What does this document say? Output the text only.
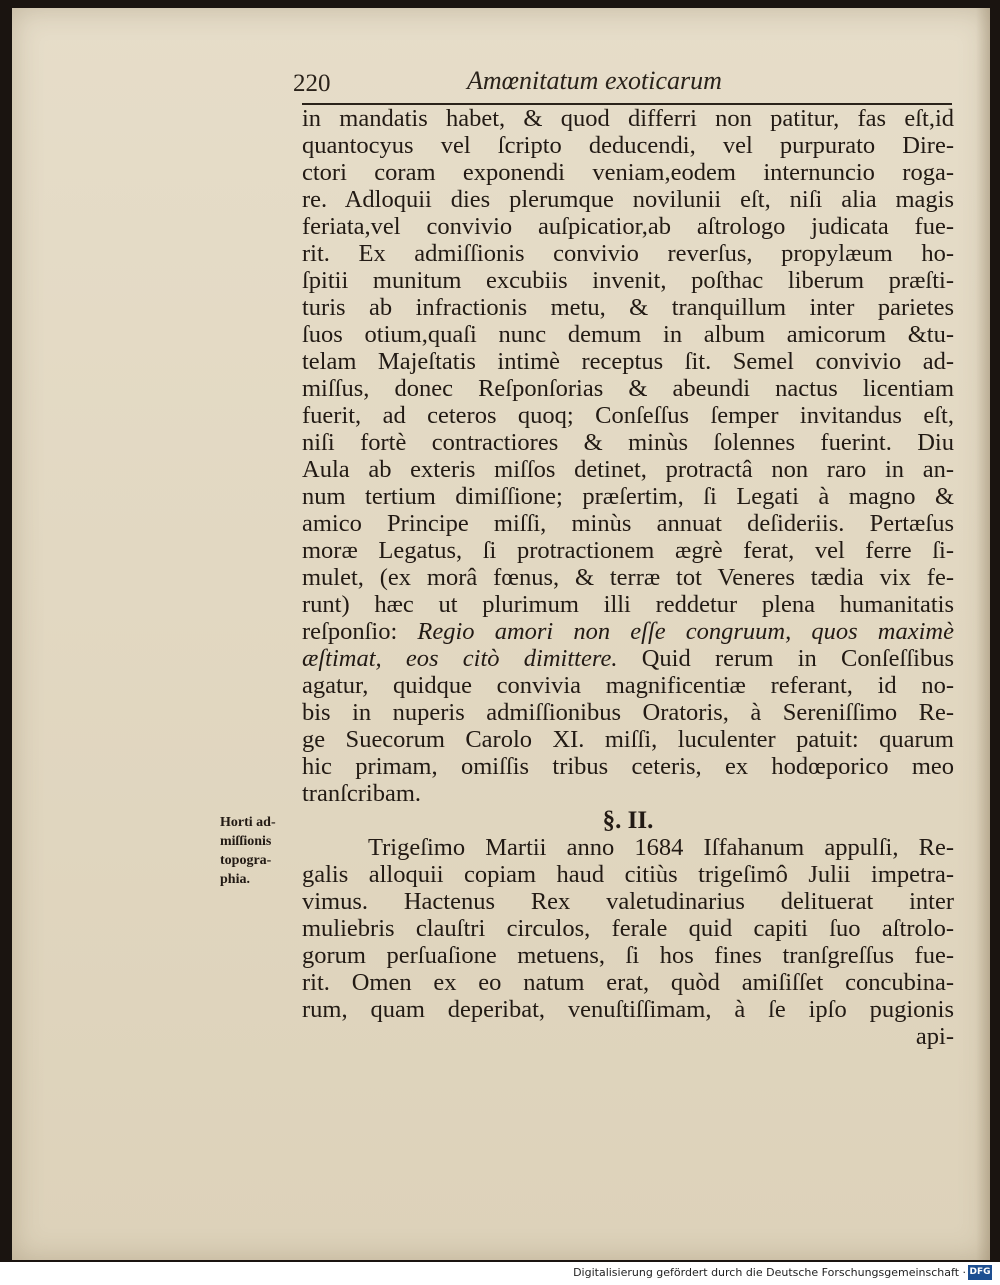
220	Amœnitatum exoticarum
in mandatis habet, & quod differri non patitur, fas eſt,id
quantocyus vel ſcripto deducendi, vel purpurato Dire-
ctori coram exponendi veniam,eodem internuncio roga-
re. Adloquii dies plerumque novilunii eſt, niſi alia magis
feriata,vel convivio auſpicatior,ab aſtrologo judicata fue-
rit. Ex admiſſionis convivio reverſus, propylæum ho-
ſpitii munitum excubiis invenit, poſthac liberum præſti-
turis ab infractionis metu, & tranquillum inter parietes
ſuos otium,quaſi nunc demum in album amicorum &tu-
telam Majeſtatis intimè receptus ſit. Semel convivio ad-
miſſus, donec Reſponſorias & abeundi nactus licentiam
fuerit, ad ceteros quoq; Conſeſſus ſemper invitandus eſt,
niſi fortè contractiores & minùs ſolennes fuerint. Diu
Aula ab exteris miſſos detinet, protractâ non raro in an-
num tertium dimiſſione; præſertim, ſi Legati à magno &
amico Principe miſſi, minùs annuat deſideriis. Pertæſus
moræ Legatus, ſi protractionem ægrè ferat, vel ferre ſi-
mulet, (ex morâ fœnus, & terræ tot Veneres tædia vix fe-
runt) hæc ut plurimum illi reddetur plena humanitatis
reſponſio: Regio amori non eſſe congruum, quos maximè
æſtimat, eos citò dimittere. Quid rerum in Conſeſſibus
agatur, quidque convivia magnificentiæ referant, id no-
bis in nuperis admiſſionibus Oratoris, à Sereniſſimo Re-
ge Suecorum Carolo XI. miſſi, luculenter patuit: quarum
hic primam, omiſſis tribus ceteris, ex hodœporico meo
tranſcribam.
§. II.
Trigeſimo Martii anno 1684 Iſfahanum appulſi, Re-
galis alloquii copiam haud citiùs trigeſimô Julii impetra-
vimus. Hactenus Rex valetudinarius delituerat inter
muliebris clauſtri circulos, ferale quid capiti ſuo aſtrolo-
gorum perſuaſione metuens, ſi hos fines tranſgreſſus fue-
rit. Omen ex eo natum erat, quòd amiſiſſet concubina-
rum, quam deperibat, venuſtiſſimam, à ſe ipſo pugionis
api-
Horti ad-
miſſionis
topogra-
phia.
Digitalisierung gefördert durch die Deutsche Forschungsgemeinschaft · DFG
